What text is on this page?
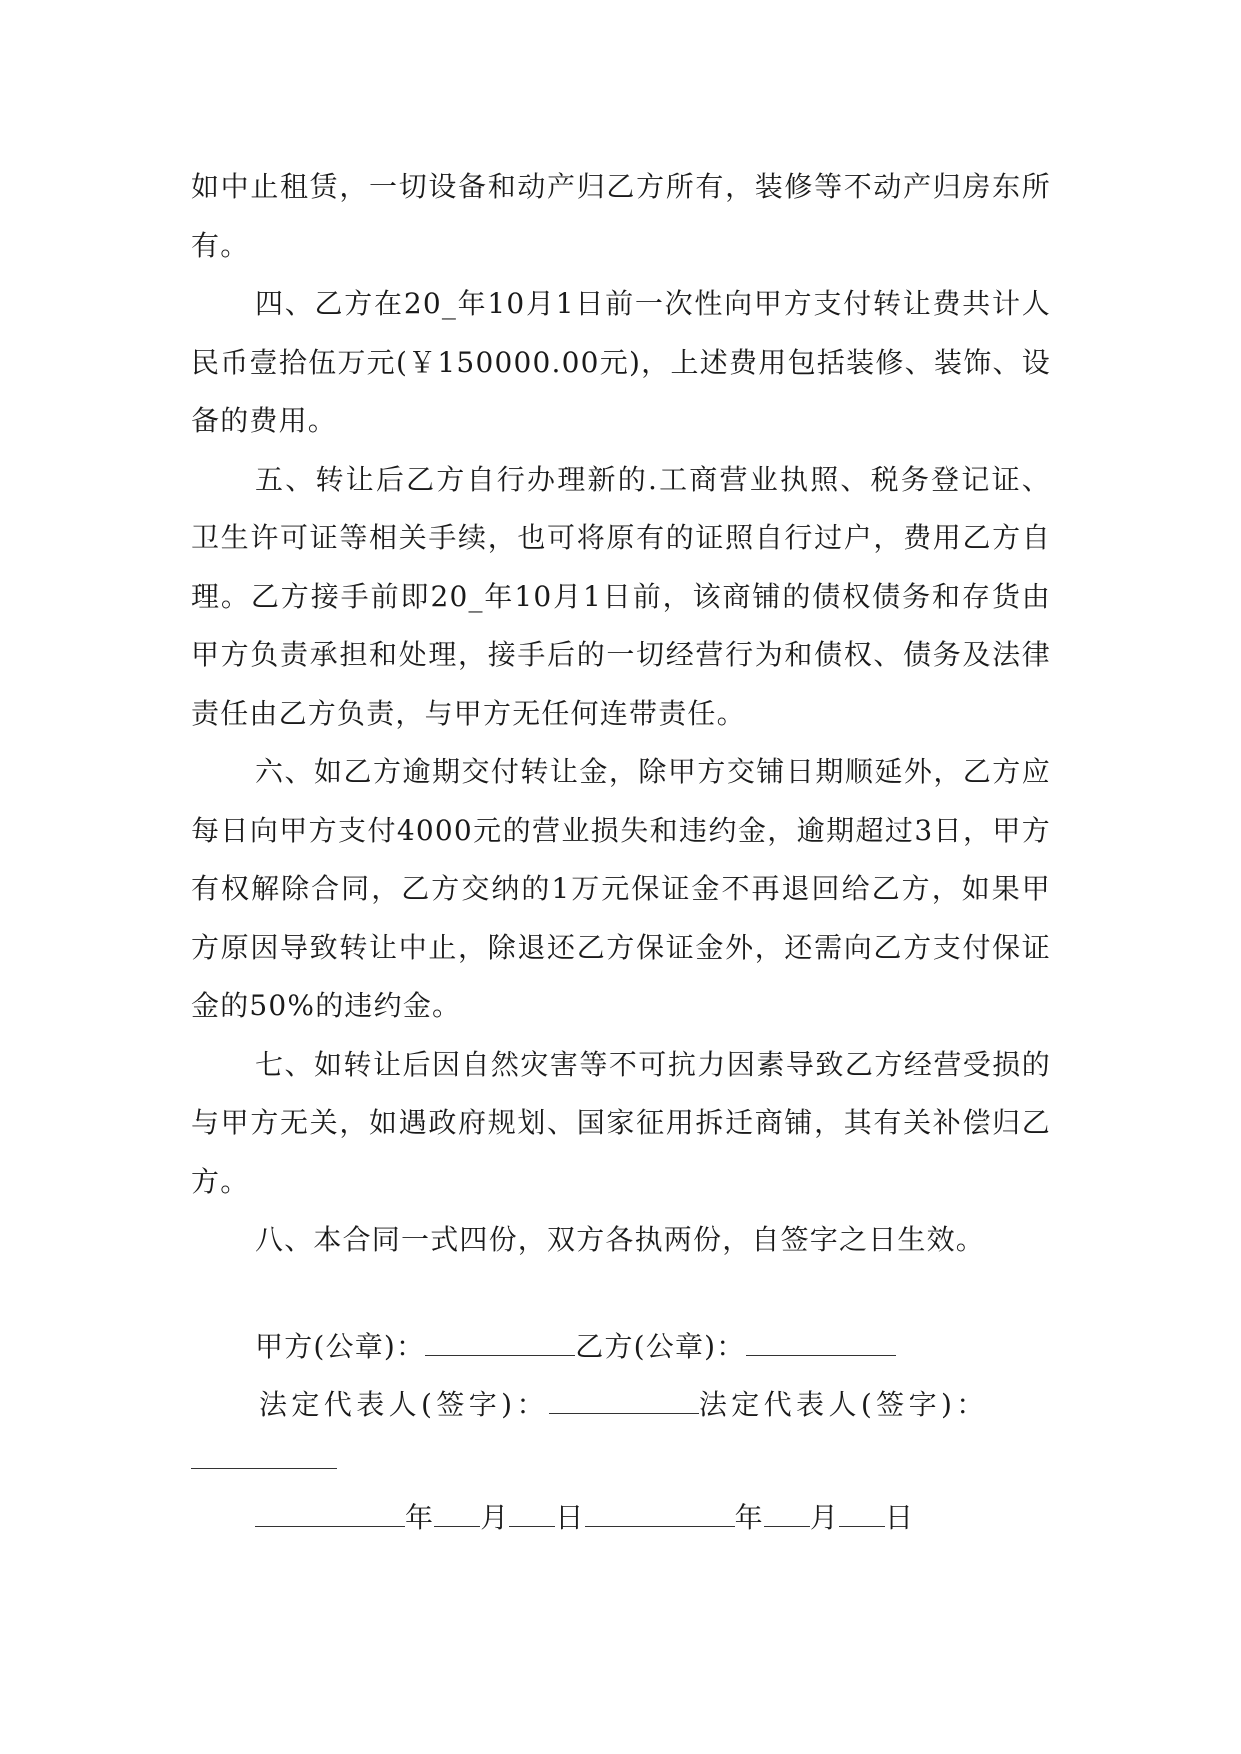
如中止租赁，一切设备和动产归乙方所有，装修等不动产归房东所有。

四、乙方在20_年10月1日前一次性向甲方支付转让费共计人民币壹拾伍万元(￥150000.00元)，上述费用包括装修、装饰、设备的费用。

五、转让后乙方自行办理新的.工商营业执照、税务登记证、卫生许可证等相关手续，也可将原有的证照自行过户，费用乙方自理。乙方接手前即20_年10月1日前，该商铺的债权债务和存货由甲方负责承担和处理，接手后的一切经营行为和债权、债务及法律责任由乙方负责，与甲方无任何连带责任。

六、如乙方逾期交付转让金，除甲方交铺日期顺延外，乙方应每日向甲方支付4000元的营业损失和违约金，逾期超过3日，甲方有权解除合同，乙方交纳的1万元保证金不再退回给乙方，如果甲方原因导致转让中止，除退还乙方保证金外，还需向乙方支付保证金的50%的违约金。

七、如转让后因自然灾害等不可抗力因素导致乙方经营受损的与甲方无关，如遇政府规划、国家征用拆迁商铺，其有关补偿归乙方。

八、本合同一式四份，双方各执两份，自签字之日生效。

甲方(公章)：	乙方(公章)：
法定代表人(签字)：	法定代表人(签字)：
年 月 日	年 月 日
